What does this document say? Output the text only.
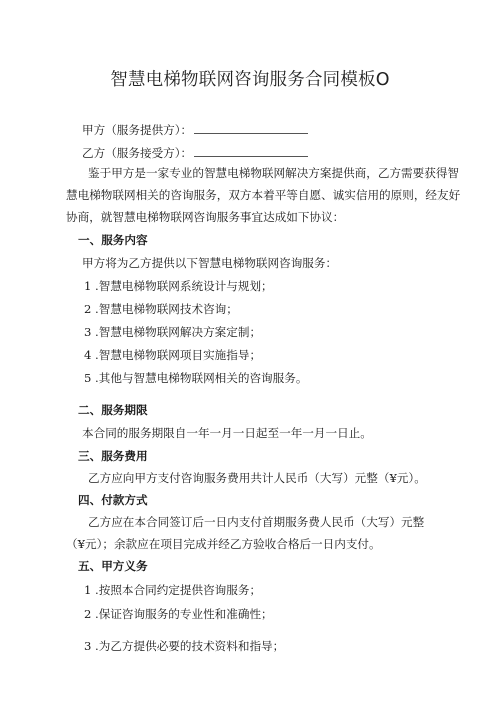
智慧电梯物联网咨询服务合同模板O
甲方（服务提供方）：
乙方（服务接受方）：
鉴于甲方是一家专业的智慧电梯物联网解决方案提供商，乙方需要获得智
慧电梯物联网相关的咨询服务，双方本着平等自愿、诚实信用的原则，经友好
协商，就智慧电梯物联网咨询服务事宜达成如下协议：
一、服务内容
甲方将为乙方提供以下智慧电梯物联网咨询服务：
1 .智慧电梯物联网系统设计与规划；
2 .智慧电梯物联网技术咨询；
3 .智慧电梯物联网解决方案定制；
4 .智慧电梯物联网项目实施指导；
5 .其他与智慧电梯物联网相关的咨询服务。
二、服务期限
本合同的服务期限自一年一月一日起至一年一月一日止。
三、服务费用
乙方应向甲方支付咨询服务费用共计人民币（大写）元整（¥元）。
四、付款方式
乙方应在本合同签订后一日内支付首期服务费人民币（大写）元整
（¥元）；余款应在项目完成并经乙方验收合格后一日内支付。
五、甲方义务
1 .按照本合同约定提供咨询服务；
2 .保证咨询服务的专业性和准确性；
3 .为乙方提供必要的技术资料和指导；
